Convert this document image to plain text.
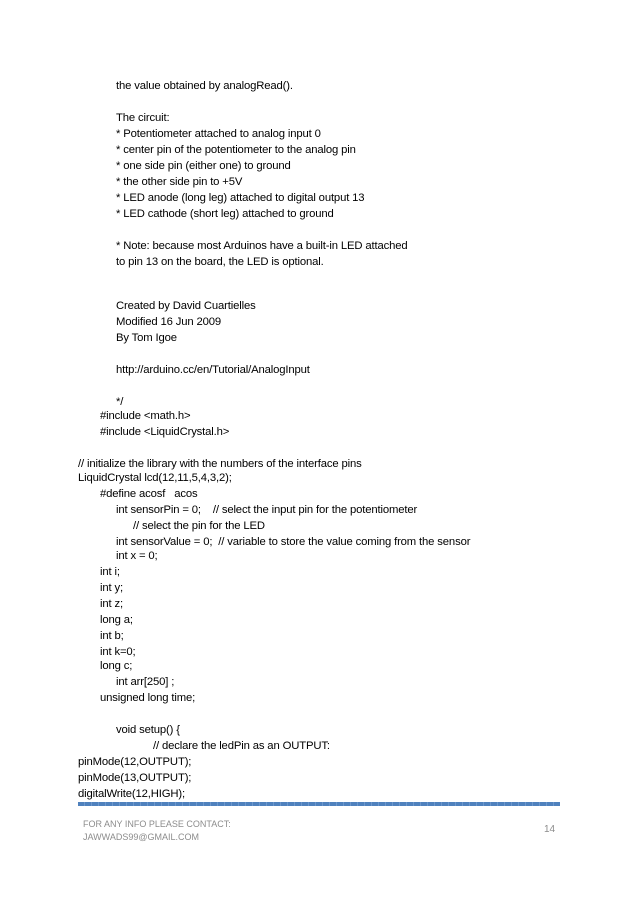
the value obtained by analogRead().
The circuit:
* Potentiometer attached to analog input 0
* center pin of the potentiometer to the analog pin
* one side pin (either one) to ground
* the other side pin to +5V
* LED anode (long leg) attached to digital output 13
* LED cathode (short leg) attached to ground
* Note: because most Arduinos have a built-in LED attached
to pin 13 on the board, the LED is optional.
Created by David Cuartielles
Modified 16 Jun 2009
By Tom Igoe
http://arduino.cc/en/Tutorial/AnalogInput
*/
#include <math.h>
#include <LiquidCrystal.h>
// initialize the library with the numbers of the interface pins
LiquidCrystal lcd(12,11,5,4,3,2);
#define acosf   acos
int sensorPin = 0;    // select the input pin for the potentiometer
// select the pin for the LED
int sensorValue = 0;  // variable to store the value coming from the sensor
int x = 0;
int i;
int y;
int z;
long a;
int b;
int k=0;
long c;
int arr[250] ;
unsigned long time;
void setup() {
// declare the ledPin as an OUTPUT:
pinMode(12,OUTPUT);
pinMode(13,OUTPUT);
digitalWrite(12,HIGH);
FOR ANY INFO PLEASE CONTACT:
JAWWADS99@GMAIL.COM
14
